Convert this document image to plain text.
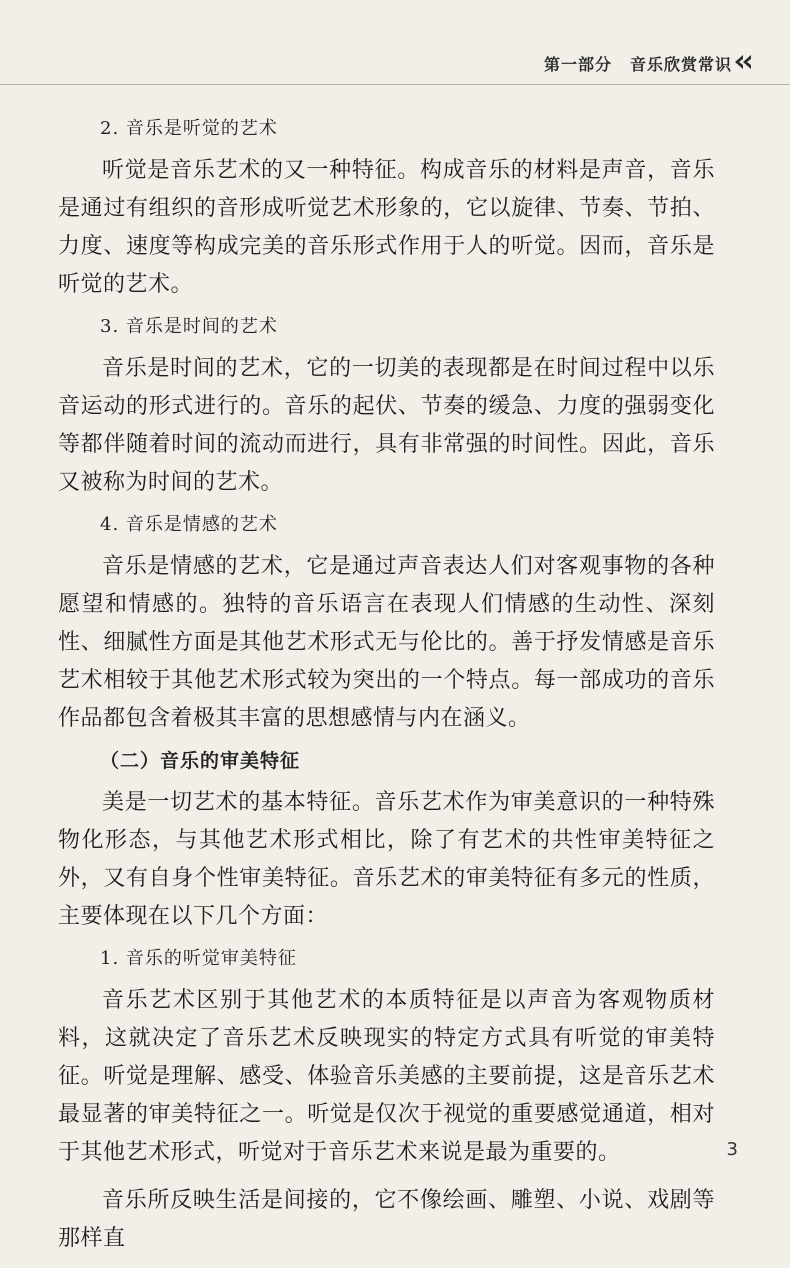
第一部分 音乐欣赏常识
2. 音乐是听觉的艺术

听觉是音乐艺术的又一种特征。构成音乐的材料是声音，音乐是通过有组织的音形成听觉艺术形象的，它以旋律、节奏、节拍、力度、速度等构成完美的音乐形式作用于人的听觉。因而，音乐是听觉的艺术。

3. 音乐是时间的艺术

音乐是时间的艺术，它的一切美的表现都是在时间过程中以乐音运动的形式进行的。音乐的起伏、节奏的缓急、力度的强弱变化等都伴随着时间的流动而进行，具有非常强的时间性。因此，音乐又被称为时间的艺术。

4. 音乐是情感的艺术

音乐是情感的艺术，它是通过声音表达人们对客观事物的各种愿望和情感的。独特的音乐语言在表现人们情感的生动性、深刻性、细腻性方面是其他艺术形式无与伦比的。善于抒发情感是音乐艺术相较于其他艺术形式较为突出的一个特点。每一部成功的音乐作品都包含着极其丰富的思想感情与内在涵义。

（二）音乐的审美特征

美是一切艺术的基本特征。音乐艺术作为审美意识的一种特殊物化形态，与其他艺术形式相比，除了有艺术的共性审美特征之外，又有自身个性审美特征。音乐艺术的审美特征有多元的性质，主要体现在以下几个方面：

1. 音乐的听觉审美特征

音乐艺术区别于其他艺术的本质特征是以声音为客观物质材料，这就决定了音乐艺术反映现实的特定方式具有听觉的审美特征。听觉是理解、感受、体验音乐美感的主要前提，这是音乐艺术最显著的审美特征之一。听觉是仅次于视觉的重要感觉通道，相对于其他艺术形式，听觉对于音乐艺术来说是最为重要的。

音乐所反映生活是间接的，它不像绘画、雕塑、小说、戏剧等那样直

3
